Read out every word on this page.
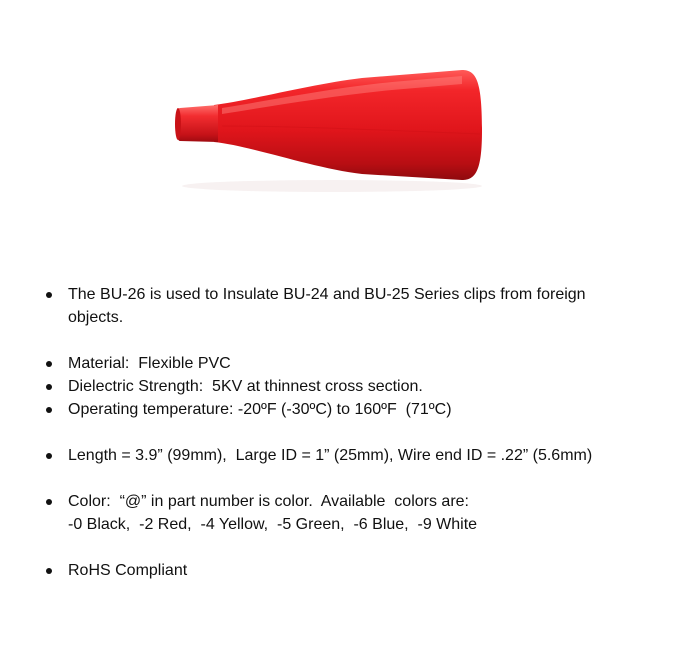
The BU-26 is used to Insulate BU-24 and BU-25 Series clips from foreign
objects.
Material:  Flexible PVC
Dielectric Strength:  5KV at thinnest cross section.
Operating temperature: -20ºF (-30ºC) to 160ºF  (71ºC)
Length = 3.9” (99mm),  Large ID = 1” (25mm), Wire end ID = .22” (5.6mm)
Color:  “@” in part number is color.  Available  colors are:
-0 Black,  -2 Red,  -4 Yellow,  -5 Green,  -6 Blue,  -9 White
RoHS Compliant
